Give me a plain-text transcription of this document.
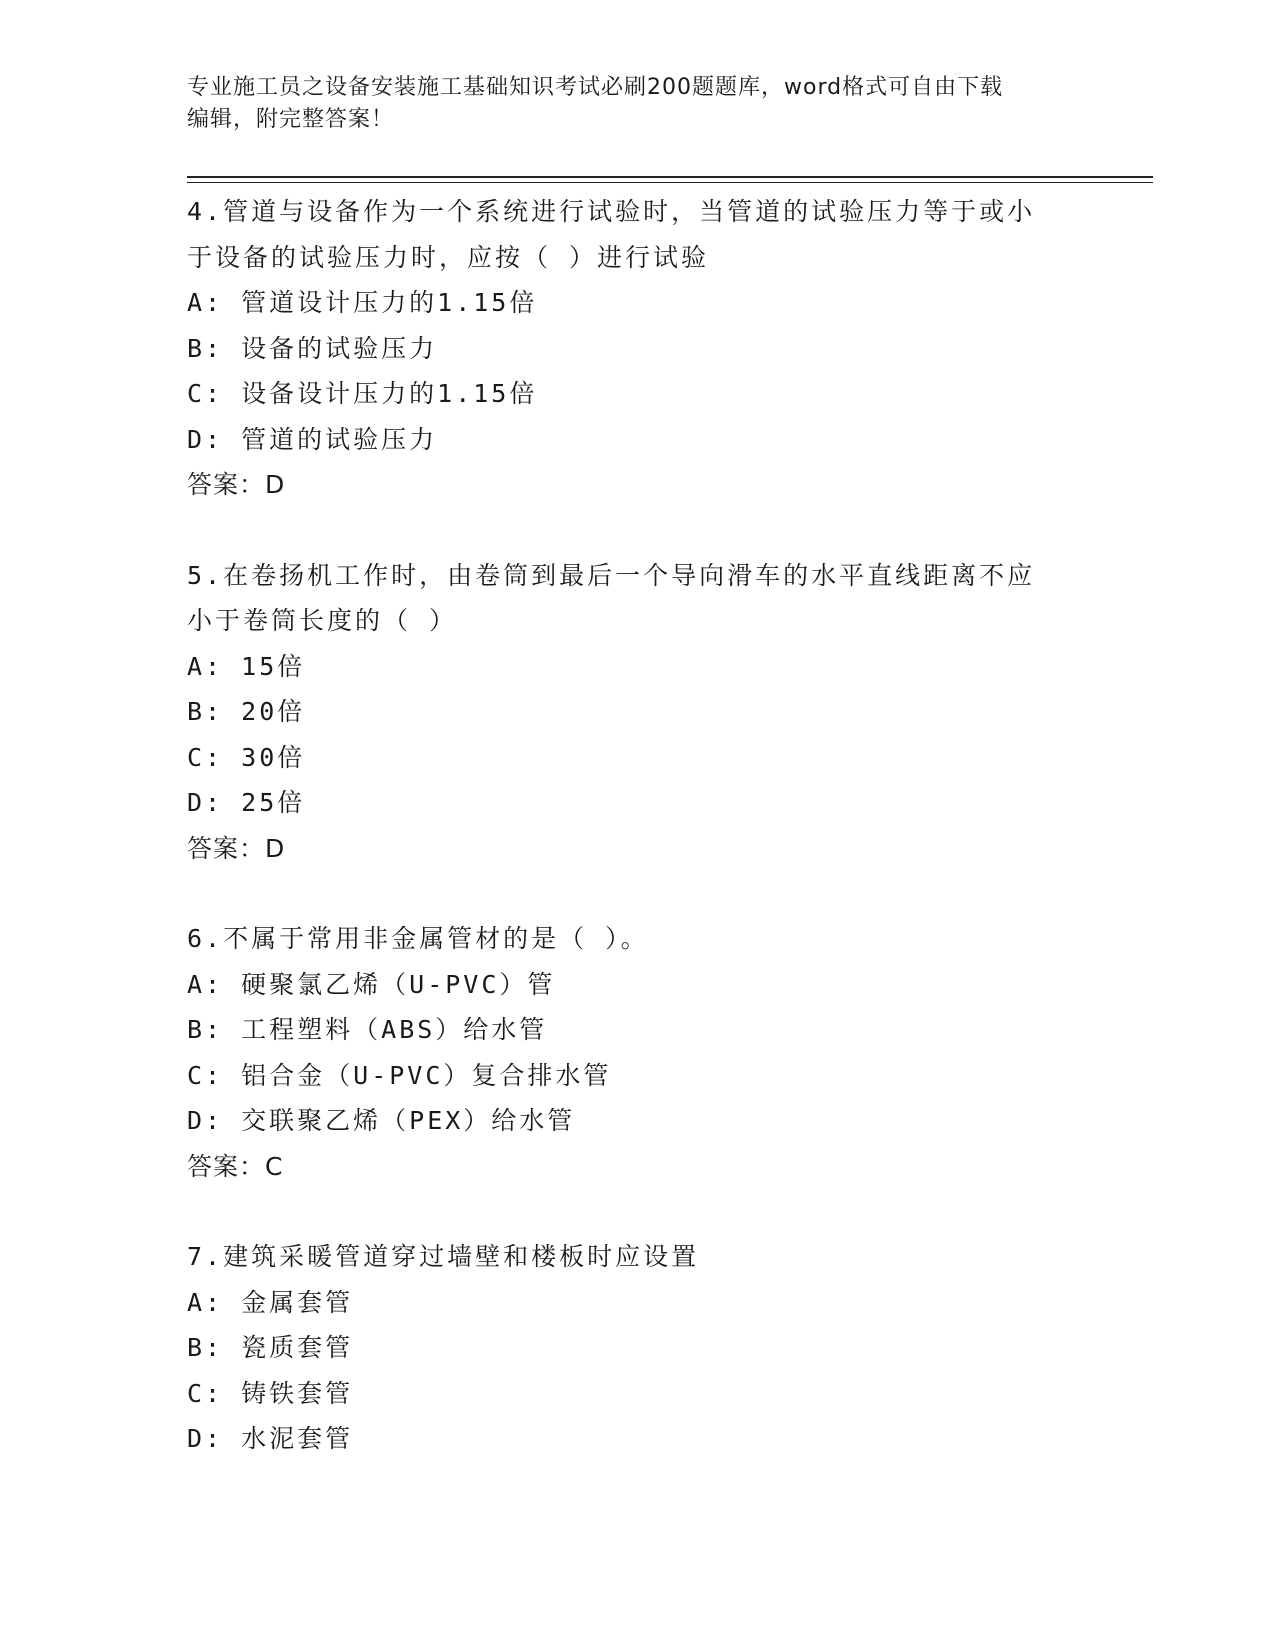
专业施工员之设备安装施工基础知识考试必刷200题题库，word格式可自由下载
编辑，附完整答案！
4.管道与设备作为一个系统进行试验时，当管道的试验压力等于或小
于设备的试验压力时，应按（ ）进行试验
A: 管道设计压力的1.15倍
B: 设备的试验压力
C: 设备设计压力的1.15倍
D: 管道的试验压力
答案：D
5.在卷扬机工作时，由卷筒到最后一个导向滑车的水平直线距离不应
小于卷筒长度的（ ）
A: 15倍
B: 20倍
C: 30倍
D: 25倍
答案：D
6.不属于常用非金属管材的是（ ）。
A: 硬聚氯乙烯（U-PVC）管
B: 工程塑料（ABS）给水管
C: 铝合金（U-PVC）复合排水管
D: 交联聚乙烯（PEX）给水管
答案：C
7.建筑采暖管道穿过墙壁和楼板时应设置
A: 金属套管
B: 瓷质套管
C: 铸铁套管
D: 水泥套管
